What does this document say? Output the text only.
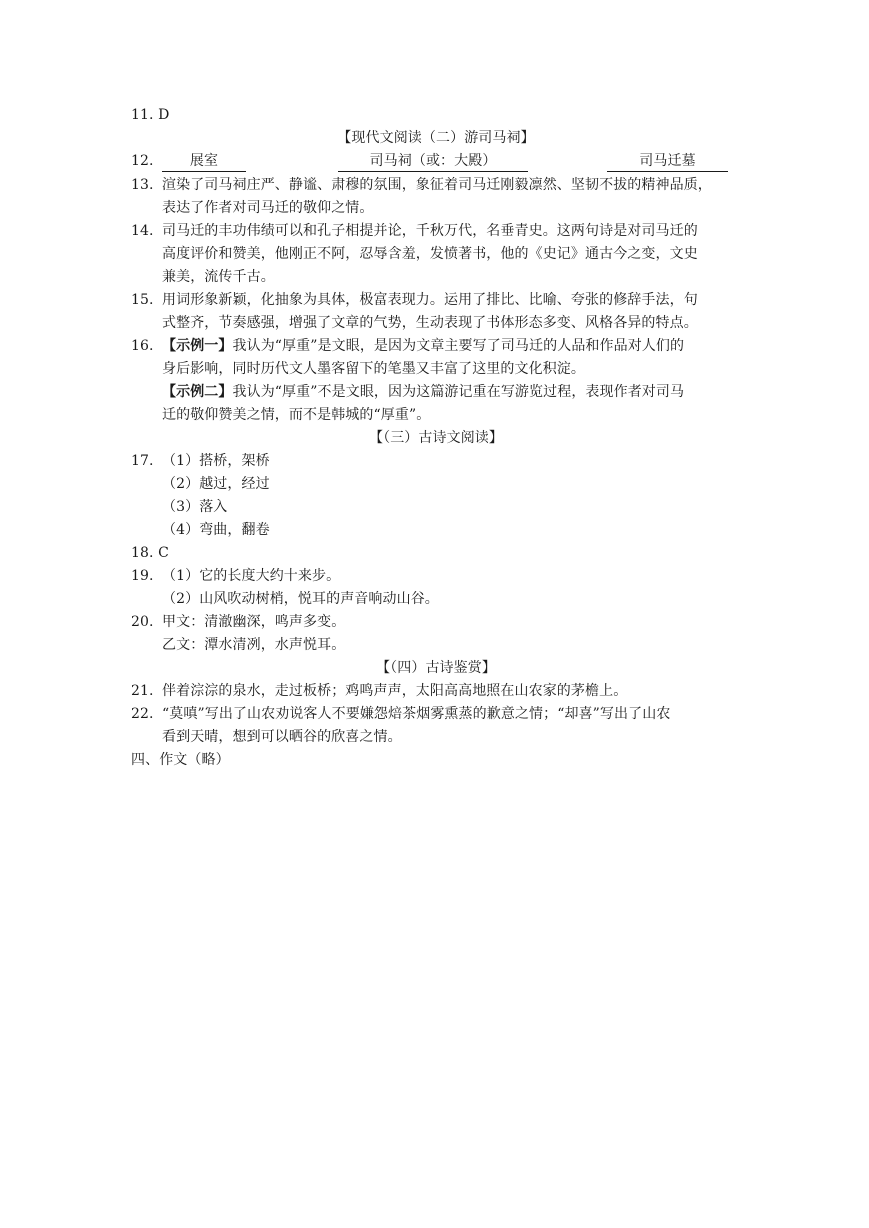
11. D
【现代文阅读（二）游司马祠】
12.	展室	司马祠（或：大殿）	司马迁墓
13. 渲染了司马祠庄严、静谧、肃穆的氛围，象征着司马迁刚毅凛然、坚韧不拔的精神品质，
表达了作者对司马迁的敬仰之情。
14. 司马迁的丰功伟绩可以和孔子相提并论，千秋万代，名垂青史。这两句诗是对司马迁的
高度评价和赞美，他刚正不阿，忍辱含羞，发愤著书，他的《史记》通古今之变，文史
兼美，流传千古。
15. 用词形象新颖，化抽象为具体，极富表现力。运用了排比、比喻、夸张的修辞手法，句
式整齐，节奏感强，增强了文章的气势，生动表现了书体形态多变、风格各异的特点。
16. 【示例一】我认为“厚重”是文眼，是因为文章主要写了司马迁的人品和作品对人们的
身后影响，同时历代文人墨客留下的笔墨又丰富了这里的文化积淀。
【示例二】我认为“厚重”不是文眼，因为这篇游记重在写游览过程，表现作者对司马
迁的敬仰赞美之情，而不是韩城的“厚重”。
【（三）古诗文阅读】
17. （1）搭桥，架桥
（2）越过，经过
（3）落入
（4）弯曲，翻卷
18. C
19. （1）它的长度大约十来步。
（2）山风吹动树梢，悦耳的声音响动山谷。
20. 甲文：清澈幽深，鸣声多变。
乙文：潭水清冽，水声悦耳。
【（四）古诗鉴赏】
21. 伴着淙淙的泉水，走过板桥；鸡鸣声声，太阳高高地照在山农家的茅檐上。
22. “莫嗔”写出了山农劝说客人不要嫌怨焙茶烟雾熏蒸的歉意之情；“却喜”写出了山农
看到天晴，想到可以晒谷的欣喜之情。
四、作文（略）
